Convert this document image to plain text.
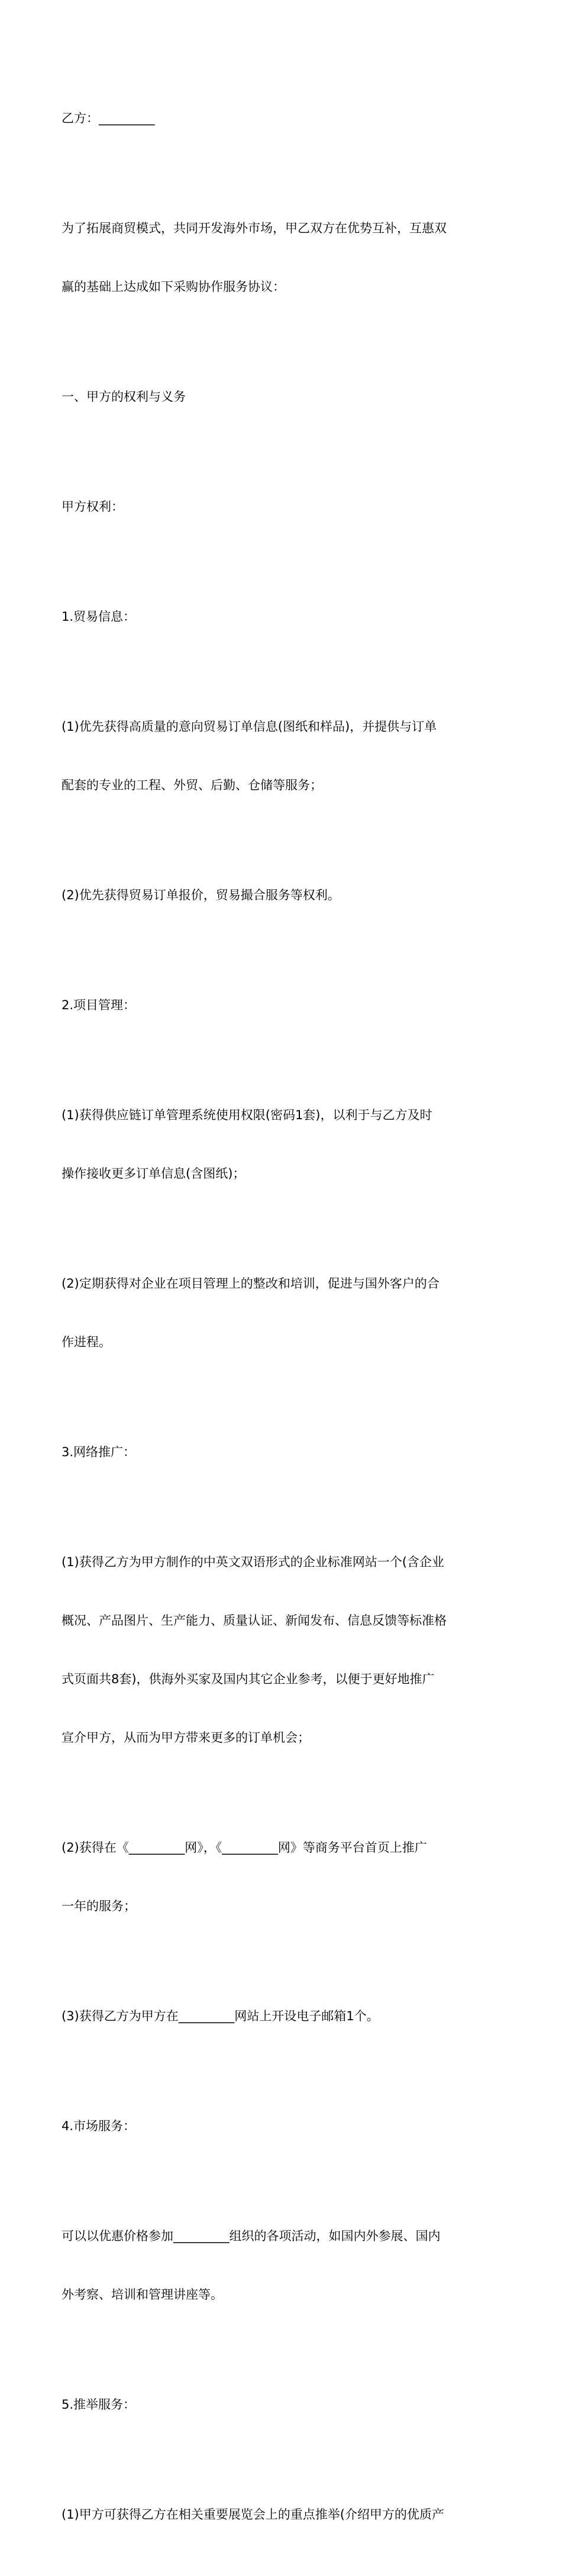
乙方：_________

为了拓展商贸模式，共同开发海外市场，甲乙双方在优势互补，互惠双

赢的基础上达成如下采购协作服务协议：

一、甲方的权利与义务

甲方权利：

1.贸易信息：

(1)优先获得高质量的意向贸易订单信息(图纸和样品)，并提供与订单

配套的专业的工程、外贸、后勤、仓储等服务；

(2)优先获得贸易订单报价，贸易撮合服务等权利。

2.项目管理：

(1)获得供应链订单管理系统使用权限(密码1套)，以利于与乙方及时

操作接收更多订单信息(含图纸)；

(2)定期获得对企业在项目管理上的整改和培训，促进与国外客户的合

作进程。

3.网络推广：

(1)获得乙方为甲方制作的中英文双语形式的企业标准网站一个(含企业

概况、产品图片、生产能力、质量认证、新闻发布、信息反馈等标准格

式页面共8套)，供海外买家及国内其它企业参考，以便于更好地推广

宣介甲方，从而为甲方带来更多的订单机会；

(2)获得在《_________网》，《_________网》等商务平台首页上推广

一年的服务；

(3)获得乙方为甲方在_________网站上开设电子邮箱1个。

4.市场服务：

可以以优惠价格参加_________组织的各项活动，如国内外参展、国内

外考察、培训和管理讲座等。

5.推举服务：

(1)甲方可获得乙方在相关重要展览会上的重点推举(介绍甲方的优质产
